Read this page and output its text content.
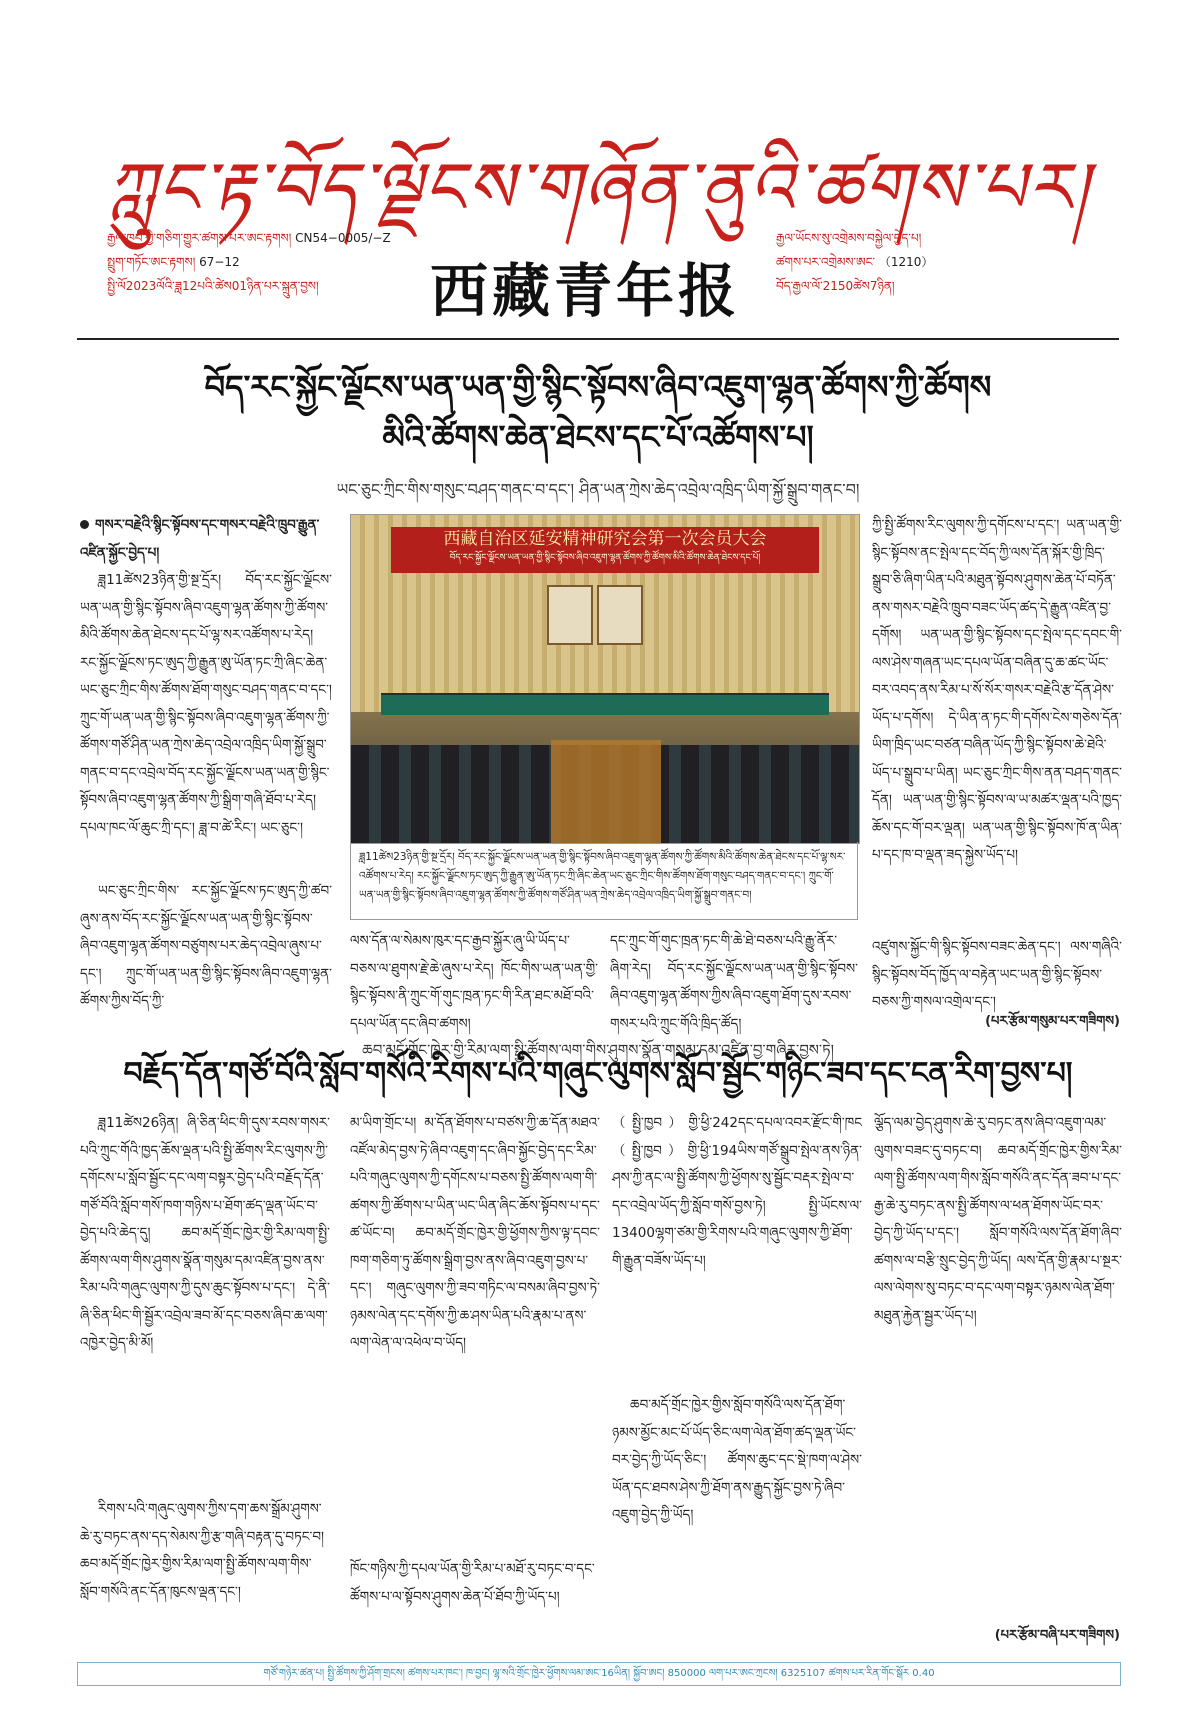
ཀླུང་རྟ་བོད་ལྗོངས་གཞོན་ནུའི་ཚགས་པར།
རྒྱལ་ཁབ་ཀྱི་གཅིག་གྱུར་ཚགས་པར་ཨང་རྟགས། CN54−0005/−Z
སྤྲུག་གཏོང་ཨང་རྟགས། 67−12
སྤྱི་ལོ2023ལོའི་ཟླ12པའི་ཚེས01ཉིན་པར་སྐྲུན་བྱས།	西藏青年报
རྒྱལ་ཡོངས་སུ་འགྲེམས་བསྐྱེལ་བྱེད་པ།
ཚགས་པར་འགྲེམས་ཨང་ （1210）
བོད་རྒྱལ་ལོ་2150ཚེས7ཉིན།
བོད་རང་སྐྱོང་ལྗོངས་ཡན་ཡན་གྱི་སྙིང་སྟོབས་ཞིབ་འཇུག་ལྷན་ཚོགས་ཀྱི་ཚོགས
མིའི་ཚོགས་ཆེན་ཐེངས་དང་པོ་འཚོགས་པ།
ཡང་ཅུང་ཀྲིང་གིས་གསུང་བཤད་གནང་བ་དང་། ཤིན་ཡན་ཀྲེས་ཆེད་འབྲེལ་འཁྲིད་ཡིག་སྐྱོ་སྒྲུབ་གནང་བ།

གསར་བརྗེའི་སྙིང་སྟོབས་དང་གསར་བརྗེའི་ཁྲུབ་རྒྱུན་འཛིན་སྐྱོང་བྱེད་པ།

ཟླ11ཚེས23ཉིན་གྱི་སྔ་དྲོར། བོད་རང་སྐྱོང་ལྗོངས་ཡན་ཡན་གྱི་སྙིང་སྟོབས་ཞིབ་འཇུག་ལྷན་ཚོགས་ཀྱི་ཚོགས་མིའི་ཚོགས་ཆེན་ཐེངས་དང་པོ་ལྷ་སར་འཚོགས་པ་རེད། རང་སྐྱོང་ལྗོངས་ཏང་ཨུད་ཀྱི་རྒྱུན་ཨུ་ཡོན་ཏང་ཀྲི་ཞིང་ཆེན་ཡང་ཅུང་ཀྲིང་གིས་ཚོགས་ཐོག་གསུང་བཤད་གནང་བ་དང་། ཀྲུང་གོ་ཡན་ཡན་གྱི་སྙིང་སྟོབས་ཞིབ་འཇུག་ལྷན་ཚོགས་ཀྱི་ཚོགས་གཙོ་ཤིན་ཡན་ཀྲེས་ཆེད་འབྲེལ་འཁྲིད་ཡིག་སྐྱོ་སྒྲུབ་གནང་བ་དང་འབྲེལ་བོད་རང་སྐྱོང་ལྗོངས་ཡན་ཡན་གྱི་སྙིང་སྟོབས་ཞིབ་འཇུག་ལྷན་ཚོགས་ཀྱི་སྒྲིག་གཞི་ཐོབ་པ་རེད། དཔལ་ཁང་ལོ་ཆུང་ཀྲི་དང་། ཟླ་བ་ཚེ་རིང་། ཡང་ཅུང་།

ཡང་ཅུང་ཀྲིང་གིས་ རང་སྐྱོང་ལྗོངས་ཏང་ཨུད་ཀྱི་ཚབ་ཞུས་ནས་བོད་རང་སྐྱོང་ལྗོངས་ཡན་ཡན་གྱི་སྙིང་སྟོབས་ཞིབ་འཇུག་ལྷན་ཚོགས་བཙུགས་པར་ཆེད་འབྲེལ་ཞུས་པ་དང་། ཀྲུང་གོ་ཡན་ཡན་གྱི་སྙིང་སྟོབས་ཞིབ་འཇུག་ལྷན་ཚོགས་ཀྱིས་བོད་ཀྱི་

西藏自治区延安精神研究会第一次会员大会
བོད་རང་སྐྱོང་ལྗོངས་ཡན་ཡན་གྱི་སྙིང་སྟོབས་ཞིབ་འཇུག་ལྷན་ཚོགས་ཀྱི་ཚོགས་མིའི་ཚོགས་ཆེན་ཐེངས་དང་པོ།
ཟླ11ཚེས23ཉིན་གྱི་སྔ་དྲོར། བོད་རང་སྐྱོང་ལྗོངས་ཡན་ཡན་གྱི་སྙིང་སྟོབས་ཞིབ་འཇུག་ལྷན་ཚོགས་ཀྱི་ཚོགས་མིའི་ཚོགས་ཆེན་ཐེངས་དང་པོ་ལྷ་སར་འཚོགས་པ་རེད། རང་སྐྱོང་ལྗོངས་ཏང་ཨུད་ཀྱི་རྒྱུན་ཨུ་ཡོན་ཏང་ཀྲི་ཞིང་ཆེན་ཡང་ཅུང་ཀྲིང་གིས་ཚོགས་ཐོག་གསུང་བཤད་གནང་བ་དང་། ཀྲུང་གོ་ཡན་ཡན་གྱི་སྙིང་སྟོབས་ཞིབ་འཇུག་ལྷན་ཚོགས་ཀྱི་ཚོགས་གཙོ་ཤིན་ཡན་ཀྲེས་ཆེད་འབྲེལ་འཁྲིད་ཡིག་སྐྱོ་སྒྲུབ་གནང་བ།

ལས་དོན་ལ་སེམས་ཁུར་དང་རྒྱབ་སྐྱོར་ཞུ་ཡི་ཡོད་པ་བཅས་ལ་ཐུགས་རྗེ་ཆེ་ཞུས་པ་རེད། ཁོང་གིས་ཡན་ཡན་གྱི་སྙིང་སྟོབས་ནི་ཀྲུང་གོ་གུང་ཁྲན་ཏང་གི་རིན་ཐང་མཐོ་བའི་དཔལ་ཡོན་དང་ཞིབ་ཚགས།

དང་ཀྲུང་གོ་གུང་ཁྲན་ཏང་གི་ཆེ་ཐེ་བཅས་པའི་རྒྱུ་ནོར་ཞིག་རེད། བོད་རང་སྐྱོང་ལྗོངས་ཡན་ཡན་གྱི་སྙིང་སྟོབས་ཞིབ་འཇུག་ལྷན་ཚོགས་ཀྱིས་ཞིབ་འཇུག་ཐོག་དུས་རབས་གསར་པའི་ཀྲུང་གོའི་ཁྲིད་ཚོད།

ཀྱི་སྤྱི་ཚོགས་རིང་ལུགས་ཀྱི་དགོངས་པ་དང་། ཡན་ཡན་གྱི་སྙིང་སྟོབས་ནང་སྤེལ་དང་བོད་ཀྱི་ལས་དོན་སྐོར་གྱི་ཁྲིད་སྒྲུབ་ཅི་ཞིག་ཡིན་པའི་མཐུན་སྟོབས་ཤུགས་ཆེན་པོ་བཏོན་ནས་གསར་བརྗེའི་ཁྲུབ་བཟང་ཡོད་ཚད་དེ་རྒྱུན་འཛིན་བྱ་དགོས། ཡན་ཡན་གྱི་སྙིང་སྟོབས་དང་སྤེལ་དང་དབང་གི་ལས་ཤེས་གཞན་ཡང་དཔལ་ཡོན་བཞིན་དུ་ཆ་ཚང་ཡོང་བར་འབད་ནས་རིམ་པ་སོ་སོར་གསར་བརྗེའི་རྩ་དོན་ཤེས་ཡོད་པ་དགོས། དེ་ཡིན་ན་ཏང་གི་དགོས་ངེས་གཅེས་དོན་ཡིག་ཁྲིད་ཡང་བཙན་བཞིན་ཡོད་ཀྱི་སྙིང་སྟོབས་ཆེ་ཐེའི་ཡོད་པ་སྒྲུབ་པ་ཡིན། ཡང་ཅུང་ཀྲིང་གིས་ནན་བཤད་གནང་དོན། ཡན་ཡན་གྱི་སྙིང་སྟོབས་ལ་ཡ་མཚར་ལྡན་པའི་ཁྱད་ཆོས་དང་གོ་བར་ལྡན། ཡན་ཡན་གྱི་སྙིང་སྟོབས་ཁོ་ན་ཡིན་པ་དང་ཁ་བ་ལྡན་ཟད་སྐྱེས་ཡོད་པ།

འཛུགས་སྐྱོང་གི་སྙིང་སྟོབས་བཟང་ཆེན་དང་། ལས་གཞིའི་སྙིང་སྟོབས་བོད་ཁྱོད་ལ་བརྟེན་ཡང་ཡན་གྱི་སྙིང་སྟོབས་བཅས་ཀྱི་གསལ་འགྲེལ་དང་།

(པར་རྩོམ་གསུམ་པར་གཟིགས)
ཆབ་མདོ་གྲོང་ཁྱེར་གྱི་རིམ་ལག་སྤྱི་ཚོགས་ལག་གིས་ཤུགས་སྣོན་གསུམ་དམ་འཛིན་བྱ་གཞིར་བྱས་ཏེ།
བརྗོད་དོན་གཙོ་བོའི་སློབ་གསོའི་རིགས་པའི་གཞུང་ལུགས་སློབ་སྦྱོང་གཉིང་ཟབ་དང་ངན་རིག་བྱས་པ།

ཟླ11ཚེས26ཉིན། ཞི་ཅིན་ཕིང་གི་དུས་རབས་གསར་པའི་ཀྲུང་གོའི་ཁྱད་ཆོས་ལྡན་པའི་སྤྱི་ཚོགས་རིང་ལུགས་ཀྱི་དགོངས་པ་སློབ་སྦྱོང་དང་ལག་བསྟར་བྱེད་པའི་བརྗོད་དོན་གཙོ་བོའི་སློབ་གསོ་ཁག་གཉིས་པ་ཐོག་ཚད་ལྡན་ཡོང་བ་བྱེད་པའི་ཆེད་དུ། ཆབ་མདོ་གྲོང་ཁྱེར་གྱི་རིམ་ལག་སྤྱི་ཚོགས་ལག་གིས་ཤུགས་སྣོན་གསུམ་དམ་འཛིན་བྱས་ནས་རིམ་པའི་གཞུང་ལུགས་ཀྱི་དུས་ཆུང་སྟོབས་པ་དང་། དེ་ནི་ཞི་ཅིན་ཕིང་གི་སྦྱོར་འབྲེལ་ཟབ་མོ་དང་བཅས་ཞིབ་ཆ་ལག་འཁྱེར་བྱེད་མི་མོ།

རིགས་པའི་གཞུང་ལུགས་ཀྱིས་དག་ཆས་སྒྲོམ་ཤུགས་ཆེ་རུ་བཏང་ནས་དད་སེམས་ཀྱི་རྩ་གཞི་བརྟན་དུ་བཏང་བ། ཆབ་མདོ་གྲོང་ཁྱེར་གྱིས་རིམ་ལག་སྤྱི་ཚོགས་ལག་གིས་སློབ་གསོའི་ནང་དོན་ཁུངས་ལྡན་དང་།

མ་ཡིག་གྲོང་པ། མ་དོན་ཐོགས་པ་བཙས་ཀྱི་ཆ་དོན་མཐའ་འཛོལ་མེད་བྱས་ཏེ་ཞིབ་འཇུག་དང་ཞིབ་སྐྱོང་བྱེད་དང་རིམ་པའི་གཞུང་ལུགས་ཀྱི་དགོངས་པ་བཅས་སྤྱི་ཚོགས་ལག་གི་ཚགས་ཀྱི་ཚོགས་པ་ཡིན་ཡང་ཡིན་ཞིང་ཆོས་སྟོབས་པ་དང་ཚ་ཡོང་བ། ཆབ་མདོ་གྲོང་ཁྱེར་གྱི་ཕྱོགས་ཀྱིས་ལྟ་དབང་ཁག་གཅིག་ཏུ་ཚོགས་སྒྲིག་བྱས་ནས་ཞིབ་འཇུག་བྱས་པ་དང་། གཞུང་ལུགས་ཀྱི་ཟབ་གཏིང་ལ་བསམ་ཞིབ་བྱས་ཏེ་ཉམས་ལེན་དང་དགོས་ཀྱི་ཆ་ཤས་ཡིན་པའི་རྣམ་པ་ནས་ལག་ལེན་ལ་འཕེལ་བ་ཡོད།

ཁོང་གཉིས་ཀྱི་དཔལ་ཡོན་གྱི་རིམ་པ་མཐོ་རུ་བཏང་བ་དང་ཚོགས་པ་ལ་སྟོབས་ཤུགས་ཆེན་པོ་ཐོབ་ཀྱི་ཡོད་པ།

（སྤྱི་ཁྱབ）གྱི་ཕྱི་242དང་དཔལ་འབར་རྫོང་གི་ཁང（སྤྱི་ཁྱབ）གྱི་ཕྱི་194ཡིས་གཙོ་སྒྲུབ་སྤེལ་ནས་ཉིན་ཤས་ཀྱི་ནང་ལ་སྤྱི་ཚོགས་ཀྱི་ཕྱོགས་སུ་སྦྱོང་བརྡར་སྤེལ་བ་དང་འབྲེལ་ཡོད་ཀྱི་སློབ་གསོ་བྱས་ཏེ། སྤྱི་ཡོངས་ལ་13400ལྷག་ཙམ་གྱི་རིགས་པའི་གཞུང་ལུགས་ཀྱི་ཐོག་གི་རྒྱུན་བཟོས་ཡོད་པ།

ཆབ་མདོ་གྲོང་ཁྱེར་གྱིས་སློབ་གསོའི་ལས་དོན་ཐོག་ཉམས་མྱོང་མང་པོ་ཡོད་ཅིང་ལག་ལེན་ཐོག་ཚད་ལྡན་ཡོང་བར་བྱེད་ཀྱི་ཡོད་ཅིང་། ཚོགས་ཆུང་དང་སྡེ་ཁག་ལ་ཤེས་ཡོན་དང་ཐབས་ཤེས་ཀྱི་ཐོག་ནས་རྒྱུད་སྐྱོང་བྱས་ཏེ་ཞིབ་འཇུག་བྱེད་ཀྱི་ཡོད།

ལྕོད་ལམ་བྱེད་ཤུགས་ཆེ་རུ་བཏང་ནས་ཞིབ་འཇུག་ལམ་ལུགས་བཟང་དུ་བཏང་བ། ཆབ་མདོ་གྲོང་ཁྱེར་གྱིས་རིམ་ལག་སྤྱི་ཚོགས་ལག་གིས་སློབ་གསོའི་ནང་དོན་ཟབ་པ་དང་རྒྱ་ཆེ་རུ་བཏང་ནས་སྤྱི་ཚོགས་ལ་ཕན་ཐོགས་ཡོང་བར་བྱེད་ཀྱི་ཡོད་པ་དང་། སློབ་གསོའི་ལས་དོན་ཐོག་ཞིབ་ཚགས་ལ་བརྩི་སྲུང་བྱེད་ཀྱི་ཡོད། ལས་དོན་གྱི་རྣམ་པ་སྔར་ལས་ལེགས་སུ་བཏང་བ་དང་ལག་བསྟར་ཉམས་ལེན་ཐོག་མཐུན་རྐྱེན་སྦྱར་ཡོད་པ།

(པར་རྩོམ་བཞི་པར་གཟིགས)
གཙོ་གཉེར་ཚན་པ། སྤྱི་ཚོགས་ཀྱི་ཤོག་གྲངས། ཚགས་པར་ཁང་། ཁ་བྱང། ལྷ་སའི་གྲོང་ཁྱེར་ཕྱོགས་ལམ་ཨང་16ཡིན། སྐྱོབ་ཨང། 850000 ལག་པར་ཨང་ཀྲངས། 6325107 ཚགས་པར་རིན་གོང་སྒོར 0.40
